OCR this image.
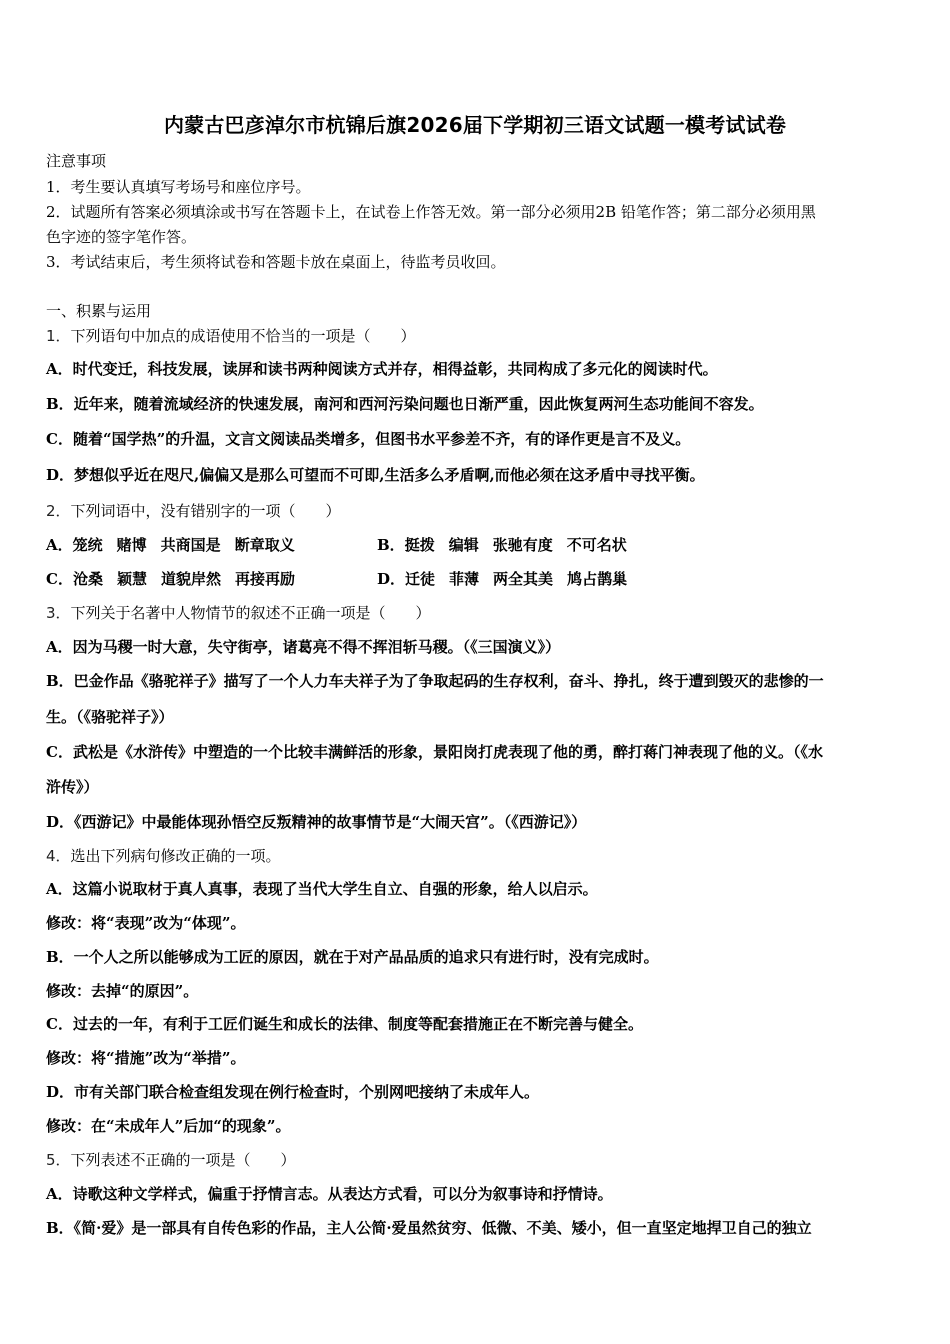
内蒙古巴彦淖尔市杭锦后旗2026届下学期初三语文试题一模考试试卷
注意事项
1．考生要认真填写考场号和座位序号。
2．试题所有答案必须填涂或书写在答题卡上，在试卷上作答无效。第一部分必须用2B 铅笔作答；第二部分必须用黑
色字迹的签字笔作答。
3．考试结束后，考生须将试卷和答题卡放在桌面上，待监考员收回。
一、积累与运用
1．下列语句中加点的成语使用不恰当的一项是（　　）
A．时代变迁，科技发展，读屏和读书两种阅读方式并存，相得益彰，共同构成了多元化的阅读时代。
B．近年来，随着流域经济的快速发展，南河和西河污染问题也日渐严重，因此恢复两河生态功能间不容发。
C．随着“国学热”的升温，文言文阅读品类增多，但图书水平参差不齐，有的译作更是言不及义。
D．梦想似乎近在咫尺,偏偏又是那么可望而不可即,生活多么矛盾啊,而他必须在这矛盾中寻找平衡。
2．下列词语中，没有错别字的一项（　　）
A．笼统 赌博 共商国是 断章取义	B．挺拨 编辑 张驰有度 不可名状
C．沧桑 颖慧 道貌岸然 再接再励	D．迁徒 菲薄 两全其美 鸠占鹊巢
3．下列关于名著中人物情节的叙述不正确一项是（　　）
A．因为马稷一时大意，失守街亭，诸葛亮不得不挥泪斩马稷。（《三国演义》）
B．巴金作品《骆驼祥子》描写了一个人力车夫祥子为了争取起码的生存权利，奋斗、挣扎，终于遭到毁灭的悲惨的一
生。（《骆驼祥子》）
C．武松是《水浒传》中塑造的一个比较丰满鲜活的形象，景阳岗打虎表现了他的勇，醉打蒋门神表现了他的义。（《水
浒传》）
D．《西游记》中最能体现孙悟空反叛精神的故事情节是“大闹天宫”。（《西游记》）
4．选出下列病句修改正确的一项。
A．这篇小说取材于真人真事，表现了当代大学生自立、自强的形象，给人以启示。
修改：将“表现”改为“体现”。
B．一个人之所以能够成为工匠的原因，就在于对产品品质的追求只有进行时，没有完成时。
修改：去掉“的原因”。
C．过去的一年，有利于工匠们诞生和成长的法律、制度等配套措施正在不断完善与健全。
修改：将“措施”改为“举措”。
D．市有关部门联合检查组发现在例行检查时，个别网吧接纳了未成年人。
修改：在“未成年人”后加“的现象”。
5．下列表述不正确的一项是（　　）
A．诗歌这种文学样式，偏重于抒情言志。从表达方式看，可以分为叙事诗和抒情诗。
B．《简·爱》是一部具有自传色彩的作品，主人公简·爱虽然贫穷、低微、不美、矮小，但一直坚定地捍卫自己的独立
